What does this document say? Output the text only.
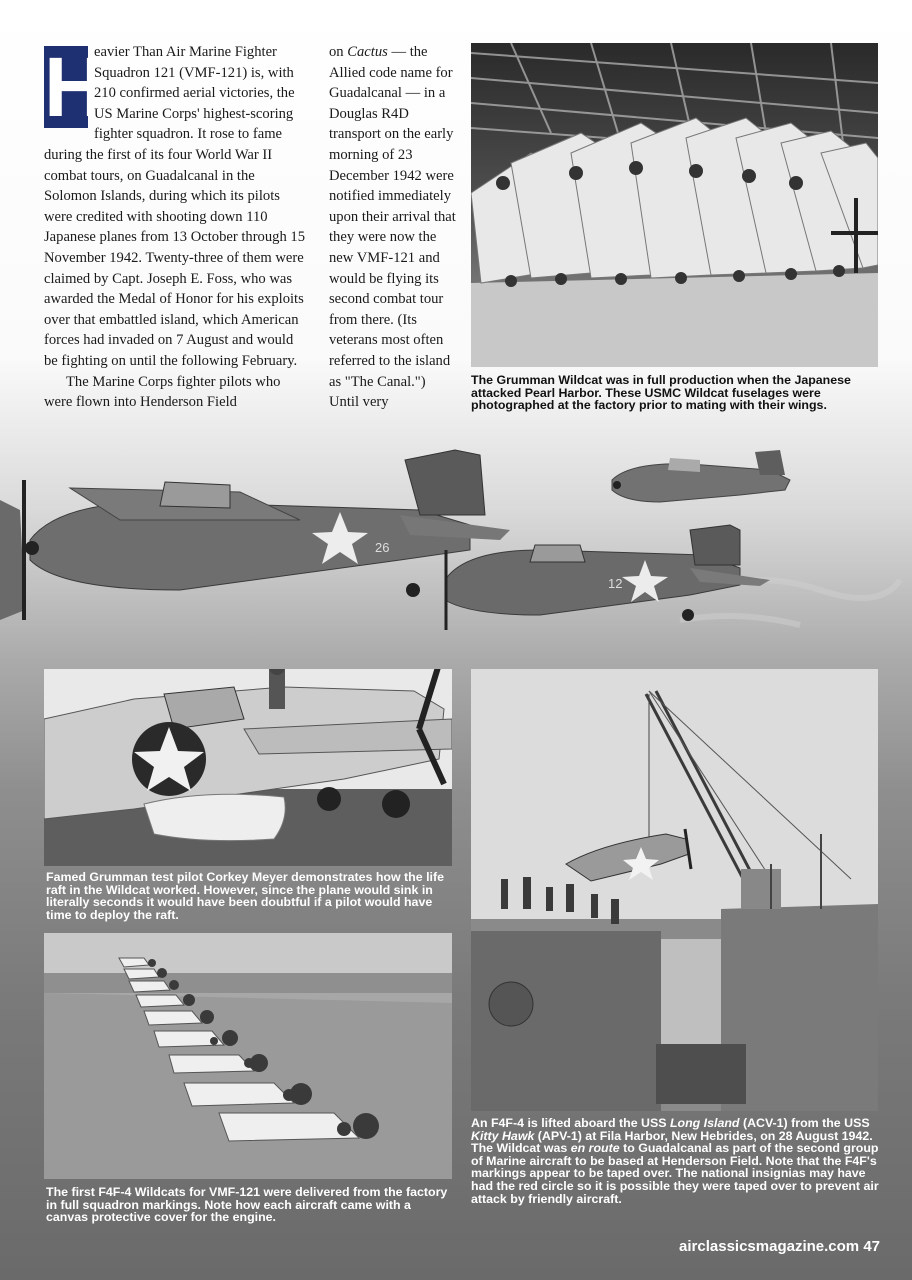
H
eavier Than Air Marine Fighter Squadron 121 (VMF-121) is, with 210 confirmed aerial victories, the US Marine Corps' highest-scoring fighter squadron. It rose to fame during the first of its four World War II combat tours, on Guadalcanal in the Solomon Islands, during which its pilots were credited with shooting down 110 Japanese planes from 13 October through 15 November 1942. Twenty-three of them were claimed by Capt. Joseph E. Foss, who was awarded the Medal of Honor for his exploits over that embattled island, which American forces had invaded on 7 August and would be fighting on until the following February.

The Marine Corps fighter pilots who were flown into Henderson Field

on Cactus — the Allied code name for Guadalcanal — in a Douglas R4D transport on the early morning of 23 December 1942 were notified immediately upon their arrival that they were now the new VMF-121 and would be flying its second combat tour from there. (Its veterans most often referred to the island as "The Canal.") Until very

The Grumman Wildcat was in full production when the Japanese attacked Pearl Harbor. These USMC Wildcat fuselages were photographed at the factory prior to mating with their wings.
26
12
Famed Grumman test pilot Corkey Meyer demonstrates how the life raft in the Wildcat worked. However, since the plane would sink in literally seconds it would have been doubtful if a pilot would have time to deploy the raft.
The first F4F-4 Wildcats for VMF-121 were delivered from the factory in full squadron markings. Note how each aircraft came with a canvas protective cover for the engine.
An F4F-4 is lifted aboard the USS Long Island (ACV-1) from the USS Kitty Hawk (APV-1) at Fila Harbor, New Hebrides, on 28 August 1942. The Wildcat was en route to Guadalcanal as part of the second group of Marine aircraft to be based at Henderson Field. Note that the F4F's markings appear to be taped over. The national insignias may have had the red circle so it is possible they were taped over to prevent air attack by friendly aircraft.
airclassicsmagazine.com 47
